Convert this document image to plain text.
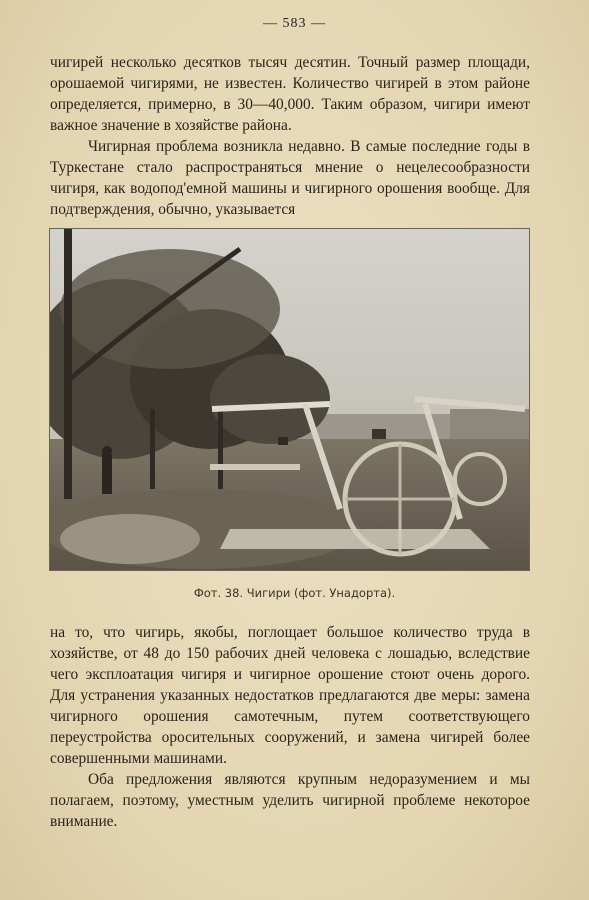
— 583 —

чигирей несколько десятков тысяч десятин. Точный размер площади, орошаемой чигирями, не известен. Количество чигирей в этом районе определяется, примерно, в 30—40,000. Таким образом, чигири имеют важное значение в хозяйстве района.

Чигирная проблема возникла недавно. В самые последние годы в Туркестане стало распространяться мнение о нецелесообразности чигиря, как водопод'емной машины и чигирного орошения вообще. Для подтверждения, обычно, указывается

Фот. 38. Чигири (фот. Унадорта).

на то, что чигирь, якобы, поглощает большое количество труда в хозяйстве, от 48 до 150 рабочих дней человека с лошадью, вследствие чего эксплоатация чигиря и чигирное орошение стоют очень дорого. Для устранения указанных недостатков предлагаются две меры: замена чигирного орошения самотечным, путем соответствующего переустройства оросительных сооружений, и замена чигирей более совершенными машинами.

Оба предложения являются крупным недоразумением и мы полагаем, поэтому, уместным уделить чигирной проблеме некоторое внимание.
